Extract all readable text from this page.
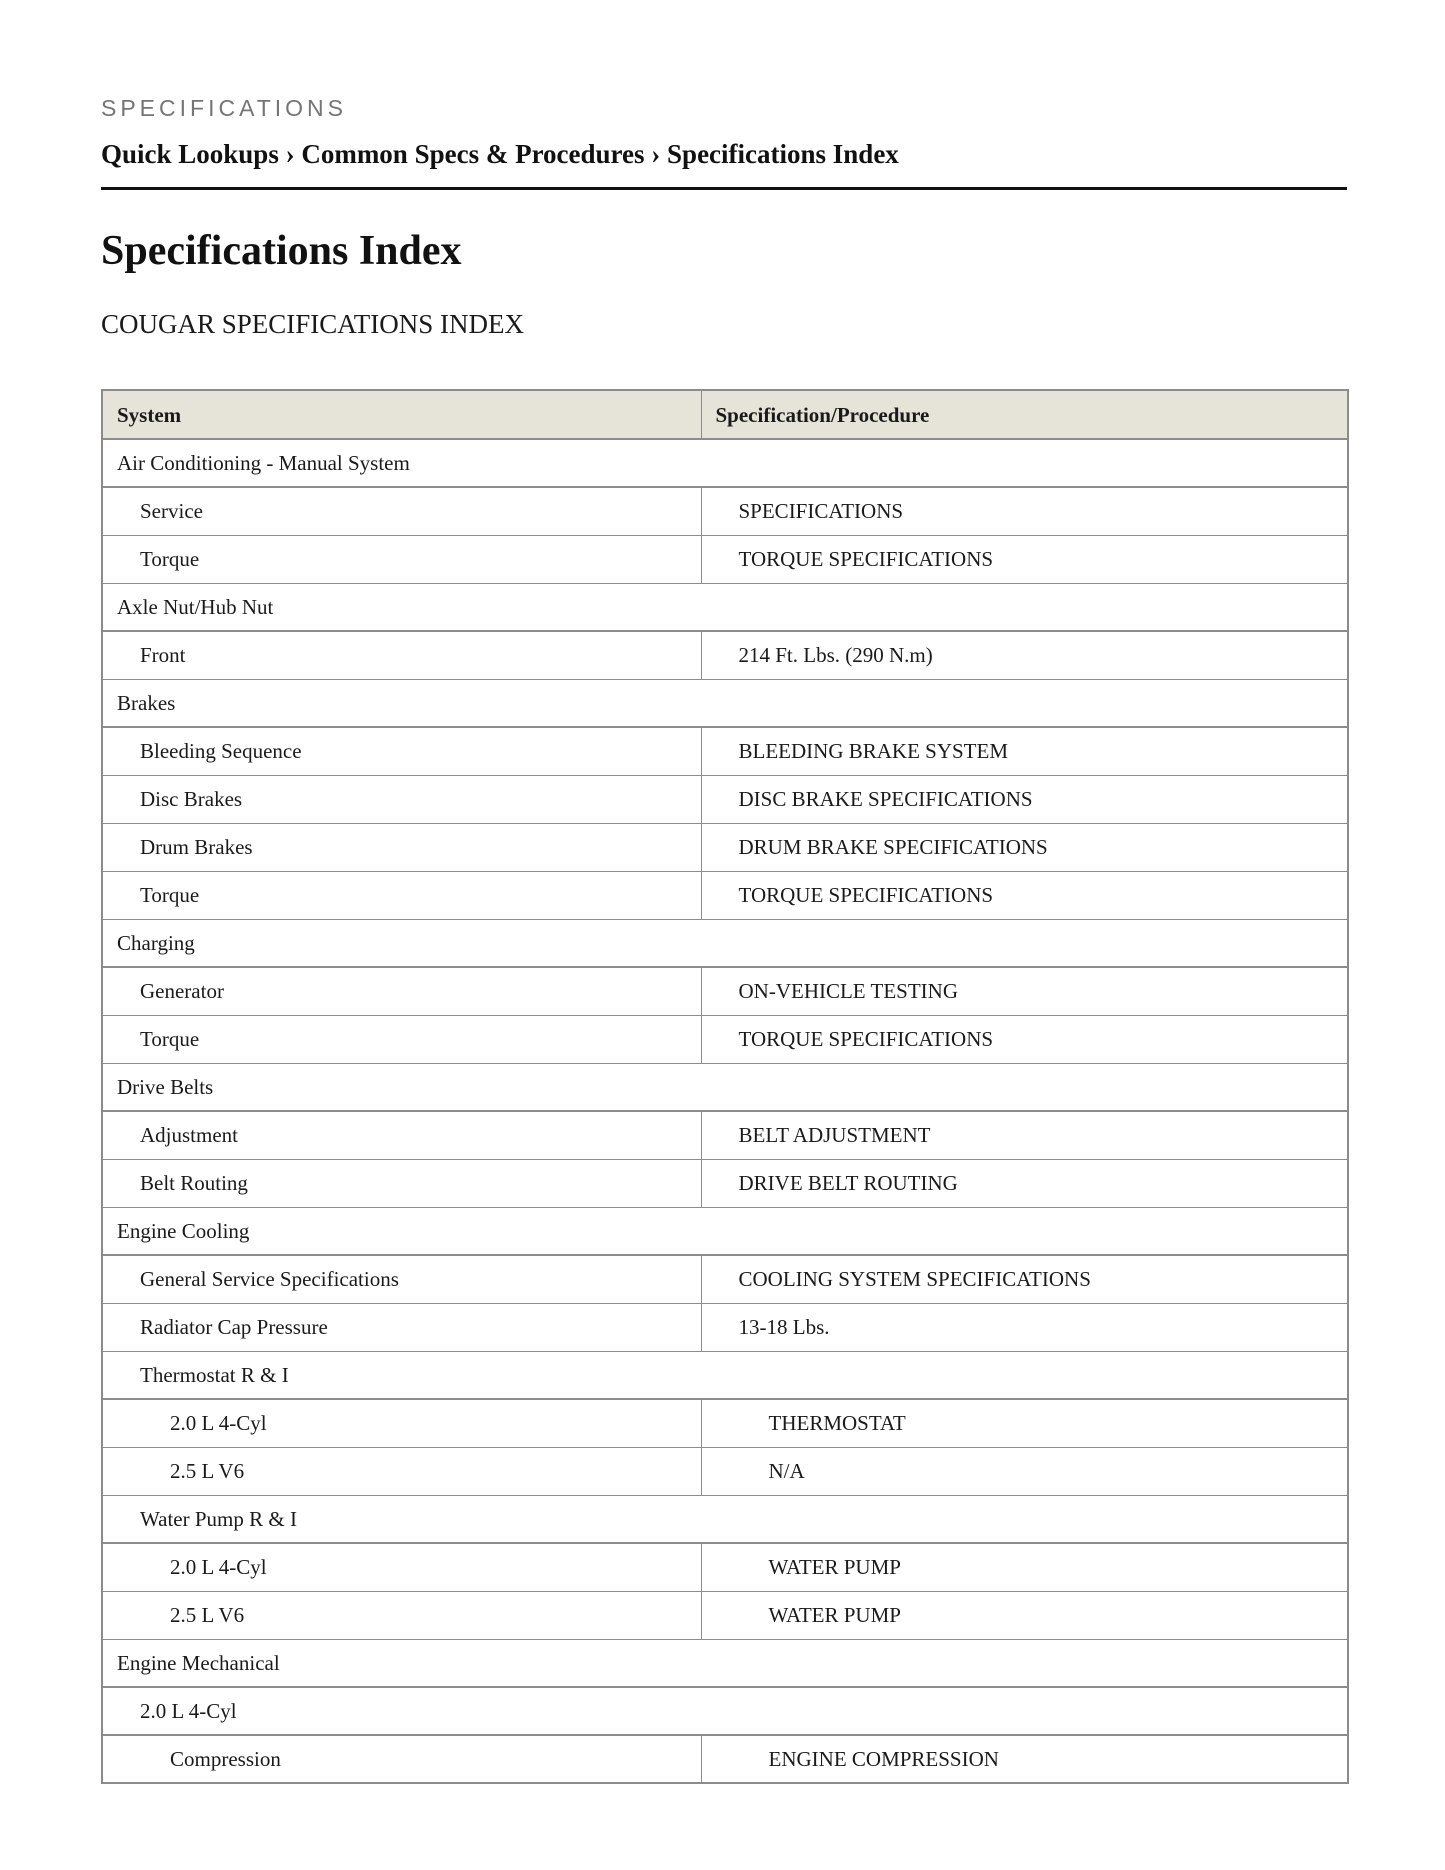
SPECIFICATIONS
Quick Lookups › Common Specs & Procedures › Specifications Index
Specifications Index
COUGAR SPECIFICATIONS INDEX
System	Specification/Procedure
Air Conditioning - Manual System	
Service	SPECIFICATIONS
Torque	TORQUE SPECIFICATIONS
Axle Nut/Hub Nut	
Front	214 Ft. Lbs. (290 N.m)
Brakes	
Bleeding Sequence	BLEEDING BRAKE SYSTEM
Disc Brakes	DISC BRAKE SPECIFICATIONS
Drum Brakes	DRUM BRAKE SPECIFICATIONS
Torque	TORQUE SPECIFICATIONS
Charging	
Generator	ON-VEHICLE TESTING
Torque	TORQUE SPECIFICATIONS
Drive Belts	
Adjustment	BELT ADJUSTMENT
Belt Routing	DRIVE BELT ROUTING
Engine Cooling	
General Service Specifications	COOLING SYSTEM SPECIFICATIONS
Radiator Cap Pressure	13-18 Lbs.
Thermostat R & I	
2.0 L 4-Cyl	THERMOSTAT
2.5 L V6	N/A
Water Pump R & I	
2.0 L 4-Cyl	WATER PUMP
2.5 L V6	WATER PUMP
Engine Mechanical	
2.0 L 4-Cyl	
Compression	ENGINE COMPRESSION
